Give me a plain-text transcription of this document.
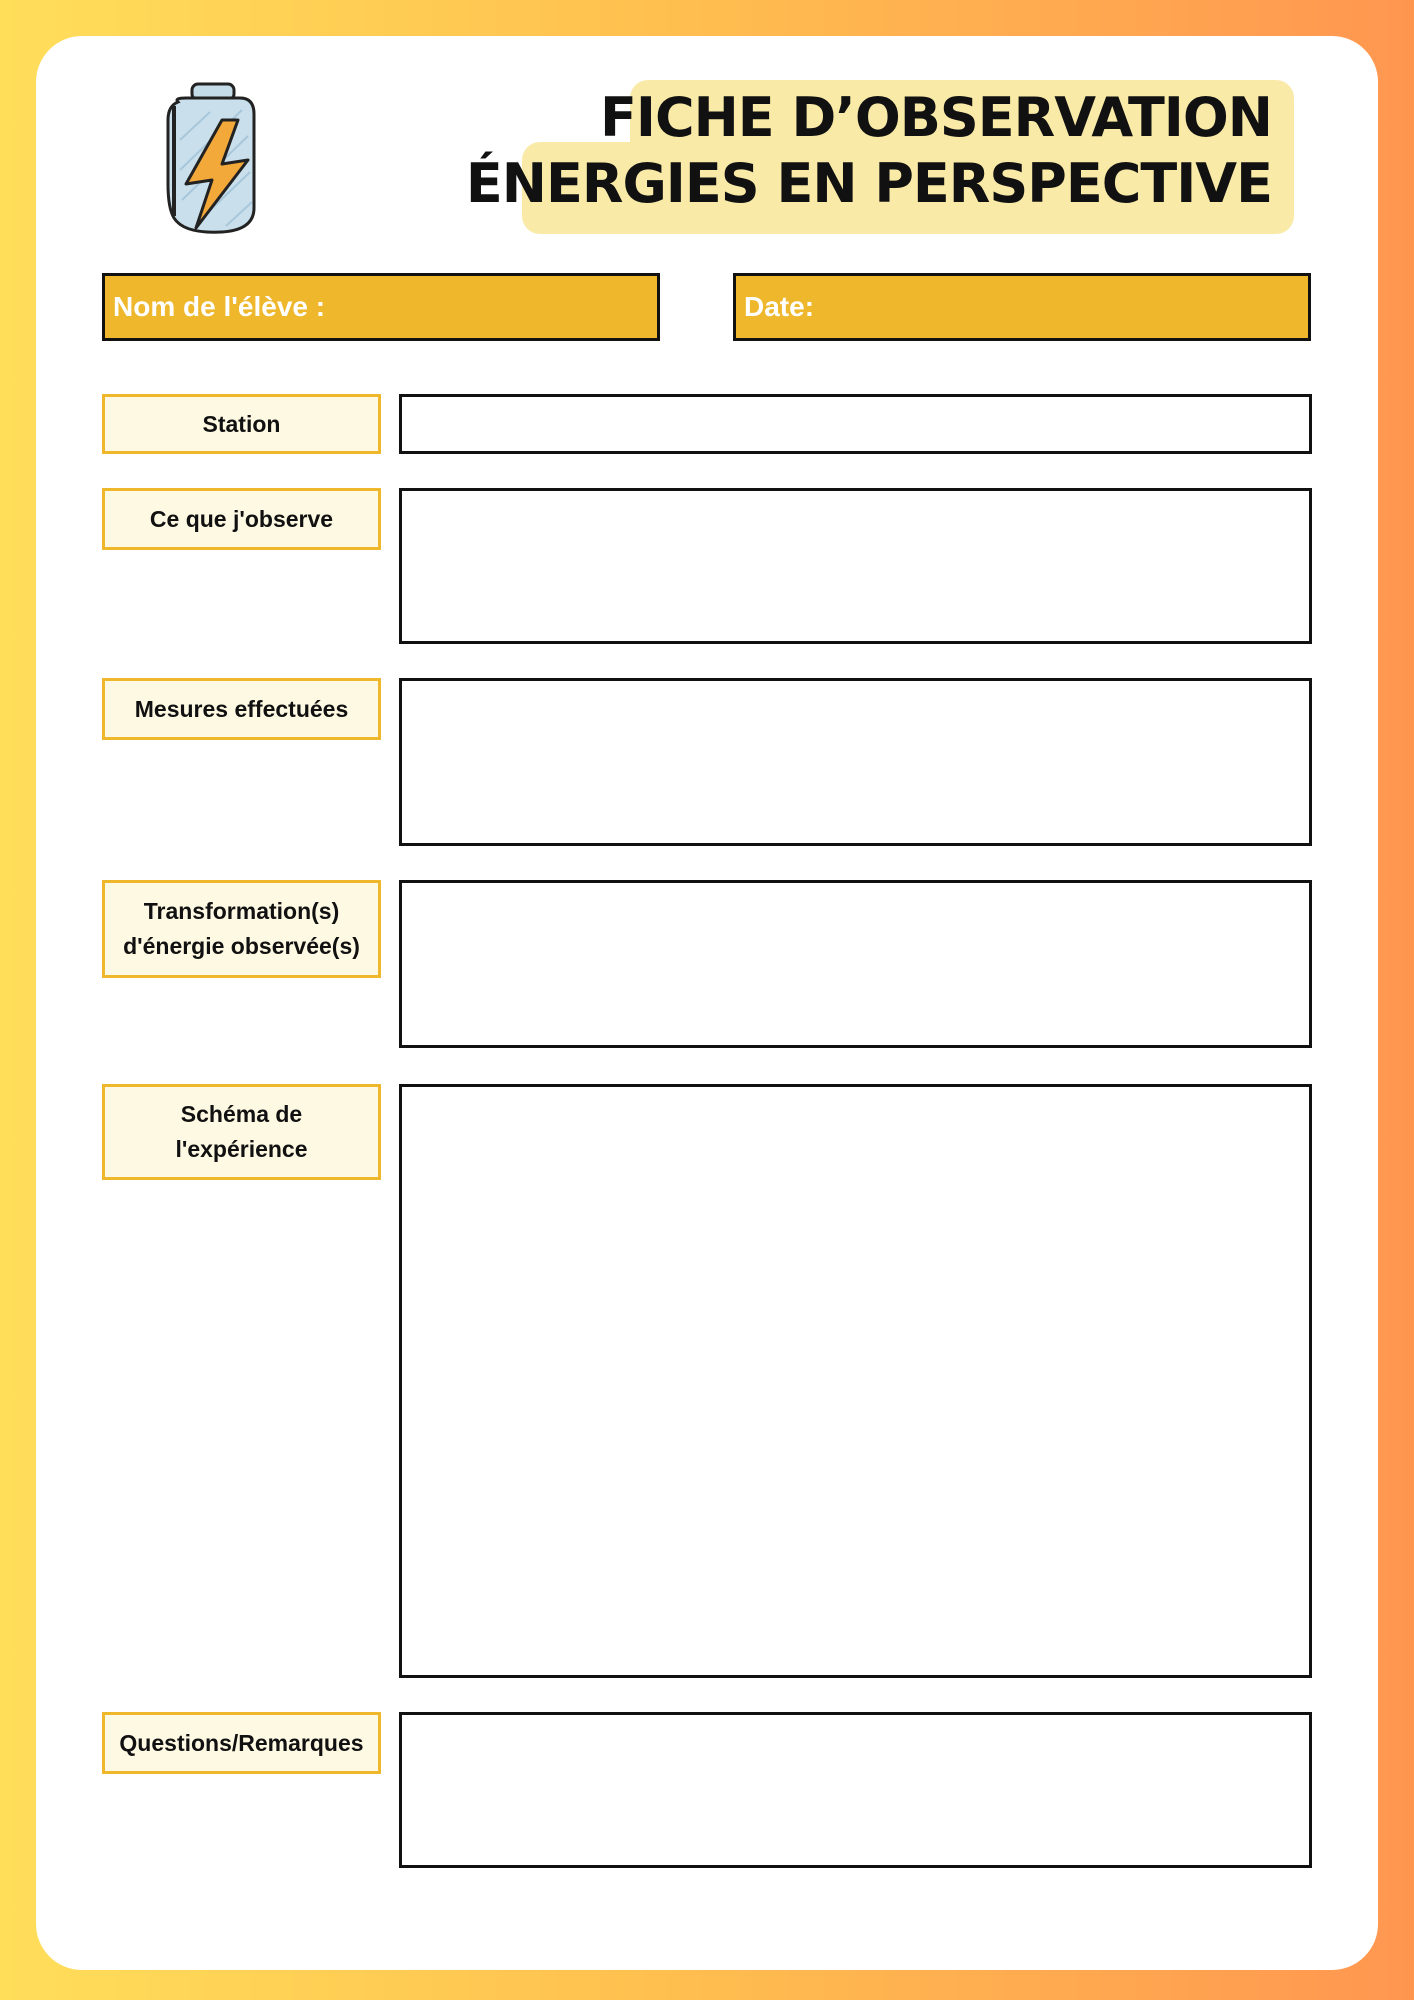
FICHE D’OBSERVATION
ÉNERGIES EN PERSPECTIVE
Nom de l'élève :	Date:
Station
Ce que j'observe
Mesures effectuées
Transformation(s)
d'énergie observée(s)
Schéma de
l'expérience
Questions/Remarques
